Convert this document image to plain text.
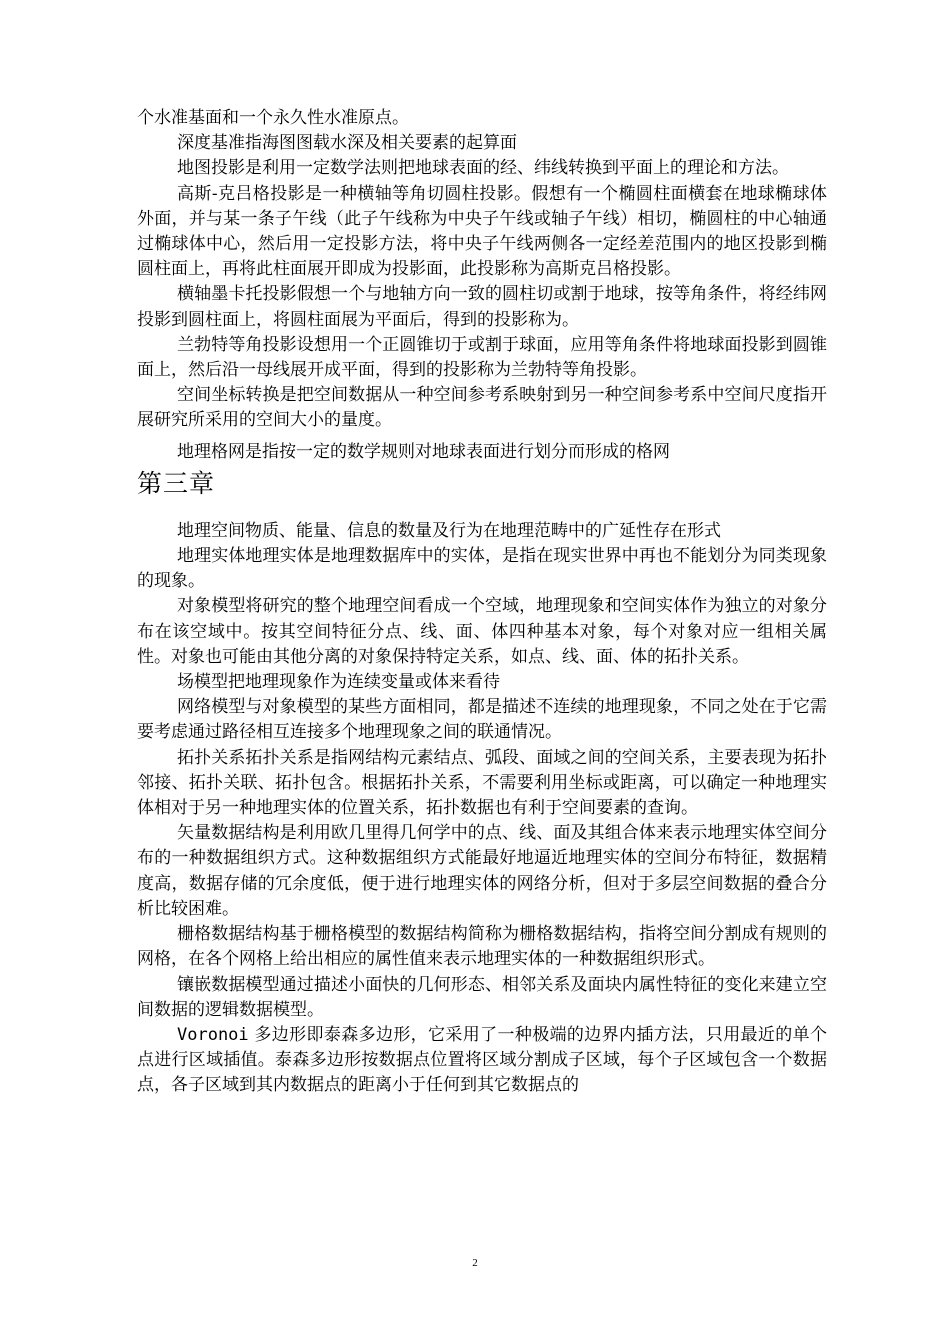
个水准基面和一个永久性水准原点。

深度基准指海图图载水深及相关要素的起算面

地图投影是利用一定数学法则把地球表面的经、纬线转换到平面上的理论和方法。

高斯-克吕格投影是一种横轴等角切圆柱投影。假想有一个椭圆柱面横套在地球椭球体外面，并与某一条子午线（此子午线称为中央子午线或轴子午线）相切，椭圆柱的中心轴通过椭球体中心，然后用一定投影方法，将中央子午线两侧各一定经差范围内的地区投影到椭圆柱面上，再将此柱面展开即成为投影面，此投影称为高斯克吕格投影。

横轴墨卡托投影假想一个与地轴方向一致的圆柱切或割于地球，按等角条件，将经纬网投影到圆柱面上，将圆柱面展为平面后，得到的投影称为。

兰勃特等角投影设想用一个正圆锥切于或割于球面，应用等角条件将地球面投影到圆锥面上，然后沿一母线展开成平面，得到的投影称为兰勃特等角投影。

空间坐标转换是把空间数据从一种空间参考系映射到另一种空间参考系中空间尺度指开展研究所采用的空间大小的量度。

地理格网是指按一定的数学规则对地球表面进行划分而形成的格网

第三章

地理空间物质、能量、信息的数量及行为在地理范畴中的广延性存在形式

地理实体地理实体是地理数据库中的实体，是指在现实世界中再也不能划分为同类现象的现象。

对象模型将研究的整个地理空间看成一个空域，地理现象和空间实体作为独立的对象分布在该空域中。按其空间特征分点、线、面、体四种基本对象，每个对象对应一组相关属性。对象也可能由其他分离的对象保持特定关系，如点、线、面、体的拓扑关系。

场模型把地理现象作为连续变量或体来看待

网络模型与对象模型的某些方面相同，都是描述不连续的地理现象，不同之处在于它需要考虑通过路径相互连接多个地理现象之间的联通情况。

拓扑关系拓扑关系是指网结构元素结点、弧段、面域之间的空间关系，主要表现为拓扑邻接、拓扑关联、拓扑包含。根据拓扑关系，不需要利用坐标或距离，可以确定一种地理实体相对于另一种地理实体的位置关系，拓扑数据也有利于空间要素的查询。

矢量数据结构是利用欧几里得几何学中的点、线、面及其组合体来表示地理实体空间分布的一种数据组织方式。这种数据组织方式能最好地逼近地理实体的空间分布特征，数据精度高，数据存储的冗余度低，便于进行地理实体的网络分析，但对于多层空间数据的叠合分析比较困难。

栅格数据结构基于栅格模型的数据结构简称为栅格数据结构，指将空间分割成有规则的网格，在各个网格上给出相应的属性值来表示地理实体的一种数据组织形式。

镶嵌数据模型通过描述小面快的几何形态、相邻关系及面块内属性特征的变化来建立空间数据的逻辑数据模型。

Voronoi 多边形即泰森多边形，它采用了一种极端的边界内插方法，只用最近的单个点进行区域插值。泰森多边形按数据点位置将区域分割成子区域，每个子区域包含一个数据点，各子区域到其内数据点的距离小于任何到其它数据点的

2
